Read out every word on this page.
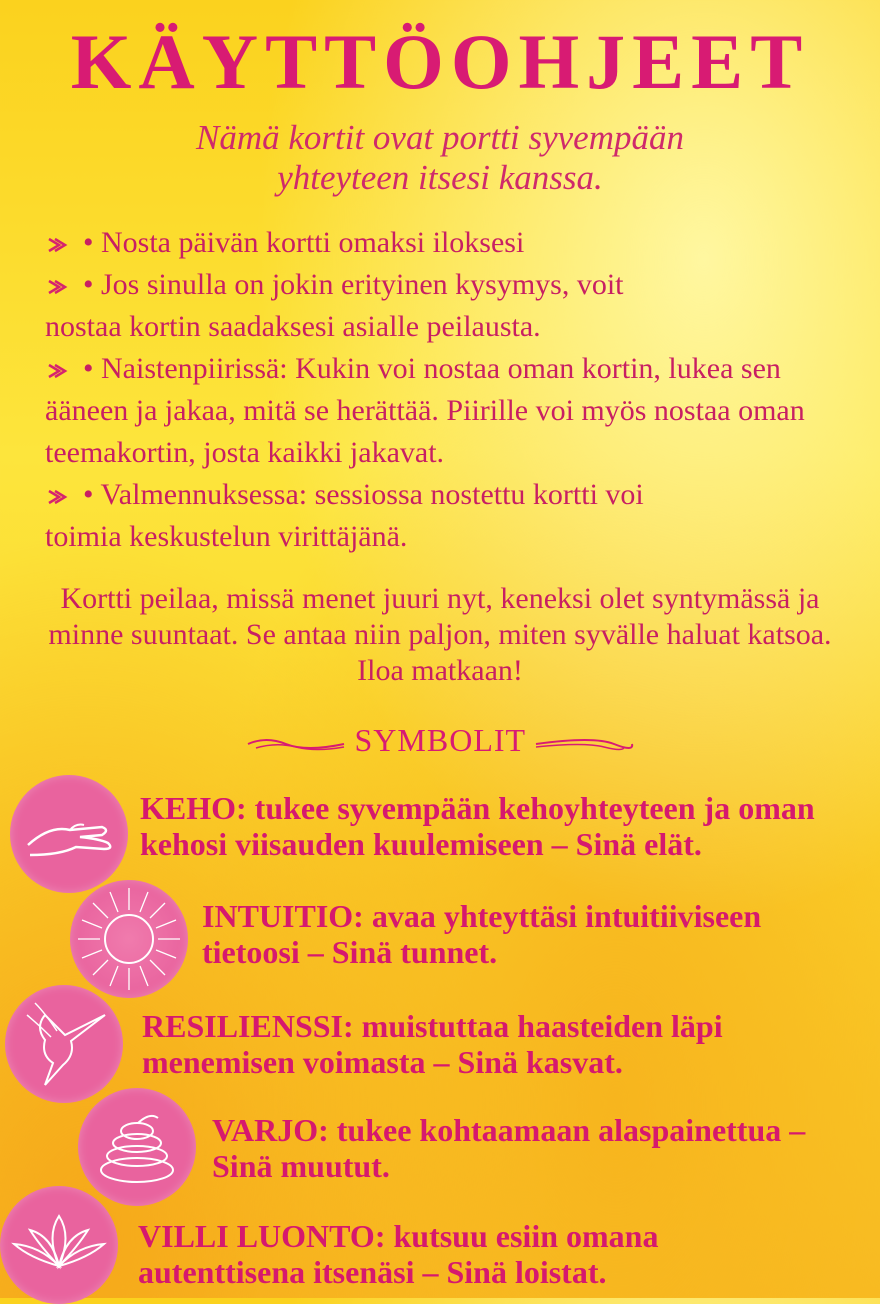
KÄYTTÖOHJEET
Nämä kortit ovat portti syvempään yhteyteen itsesi kanssa.

• Nosta päivän kortti omaksi iloksesi

• Jos sinulla on jokin erityinen kysymys, voit nostaa kortin saadaksesi asialle peilausta.

• Naistenpiirissä: Kukin voi nostaa oman kortin, lukea sen ääneen ja jakaa, mitä se herättää. Piirille voi myös nostaa oman teemakortin, josta kaikki jakavat.

• Valmennuksessa: sessiossa nostettu kortti voi toimia keskustelun virittäjänä.

Kortti peilaa, missä menet juuri nyt, keneksi olet syntymässä ja minne suuntaat. Se antaa niin paljon, miten syvälle haluat katsoa. Iloa matkaan!
SYMBOLIT
KEHO: tukee syvempään kehoyhteyteen ja oman kehosi viisauden kuulemiseen – Sinä elät.
INTUITIO: avaa yhteyttäsi intuitiiviseen tietoosi – Sinä tunnet.
RESILIENSSI: muistuttaa haasteiden läpi menemisen voimasta – Sinä kasvat.
VARJO: tukee kohtaamaan alaspainettua – Sinä muutut.
VILLI LUONTO: kutsuu esiin omana autenttisena itsenäsi – Sinä loistat.
